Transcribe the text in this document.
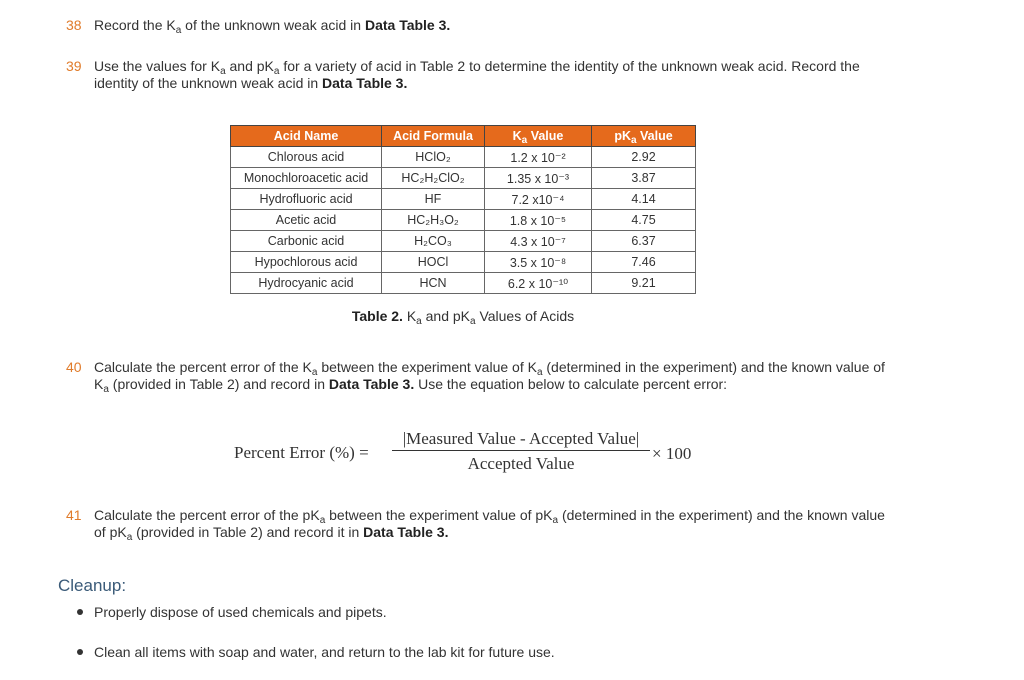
38 Record the $K_a$ of the unknown weak acid in Data Table 3.
39 Use the values for $K_a$ and $pK_a$ for a variety of acid in Table 2 to determine the identity of the unknown weak acid. Record the identity of the unknown weak acid in Data Table 3.
Acid Name	Acid Formula	$K_a$ Value	$pK_a$ Value
Chlorous acid	HClO₂	1.2 x 10⁻²	2.92
Monochloroacetic acid	HC₂H₂ClO₂	1.35 x 10⁻³	3.87
Hydrofluoric acid	HF	7.2 x10⁻⁴	4.14
Acetic acid	HC₂H₃O₂	1.8 x 10⁻⁵	4.75
Carbonic acid	H₂CO₃	4.3 x 10⁻⁷	6.37
Hypochlorous acid	HOCl	3.5 x 10⁻⁸	7.46
Hydrocyanic acid	HCN	6.2 x 10⁻¹⁰	9.21
Table 2. $K_a$ and $pK_a$ Values of Acids
40 Calculate the percent error of the $K_a$ between the experiment value of $K_a$ (determined in the experiment) and the known value of $K_a$ (provided in Table 2) and record in Data Table 3. Use the equation below to calculate percent error:
Percent Error (%) =
|Measured Value - Accepted Value|
Accepted Value
× 100
41 Calculate the percent error of the $pK_a$ between the experiment value of $pK_a$ (determined in the experiment) and the known value of $pK_a$ (provided in Table 2) and record it in Data Table 3.
Cleanup:
Properly dispose of used chemicals and pipets.
Clean all items with soap and water, and return to the lab kit for future use.
